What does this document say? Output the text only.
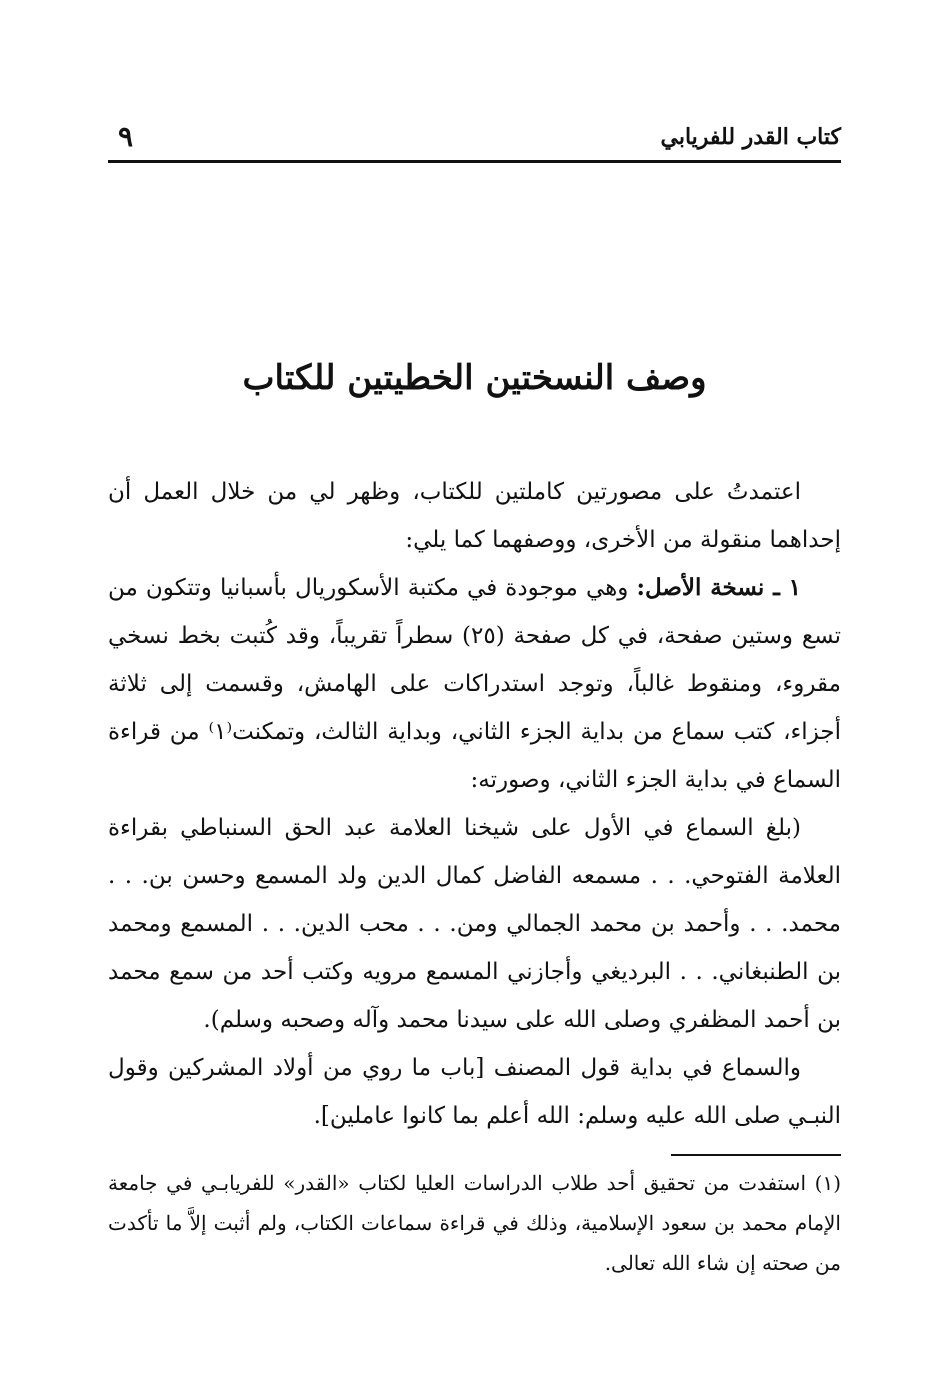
كتاب القدر للفريابي
٩
وصف النسختين الخطيتين للكتاب

اعتمدتُ على مصورتين كاملتين للكتاب، وظهر لي من خلال العمل أن إحداهما منقولة من الأخرى، ووصفهما كما يلي:

١ ـ نسخة الأصل: وهي موجودة في مكتبة الأسكوريال بأسبانيا وتتكون من تسع وستين صفحة، في كل صفحة (٢٥) سطراً تقريباً، وقد كُتبت بخط نسخي مقروء، ومنقوط غالباً، وتوجد استدراكات على الهامش، وقسمت إلى ثلاثة أجزاء، كتب سماع من بداية الجزء الثاني، وبداية الثالث، وتمكنت⁽١⁾ من قراءة السماع في بداية الجزء الثاني، وصورته:

(بلغ السماع في الأول على شيخنا العلامة عبد الحق السنباطي بقراءة العلامة الفتوحي. . . مسمعه الفاضل كمال الدين ولد المسمع وحسن بن. . . محمد. . . وأحمد بن محمد الجمالي ومن. . . محب الدين. . . المسمع ومحمد بن الطنبغاني. . . البرديغي وأجازني المسمع مرويه وكتب أحد من سمع محمد بن أحمد المظفري وصلى الله على سيدنا محمد وآله وصحبه وسلم).

والسماع في بداية قول المصنف [باب ما روي من أولاد المشركين وقول النبـي صلى الله عليه وسلم: الله أعلم بما كانوا عاملين].

(١) استفدت من تحقيق أحد طلاب الدراسات العليا لكتاب «القدر» للفريابـي في جامعة الإمام محمد بن سعود الإسلامية، وذلك في قراءة سماعات الكتاب، ولم أثبت إلاَّ ما تأكدت من صحته إن شاء الله تعالى.
